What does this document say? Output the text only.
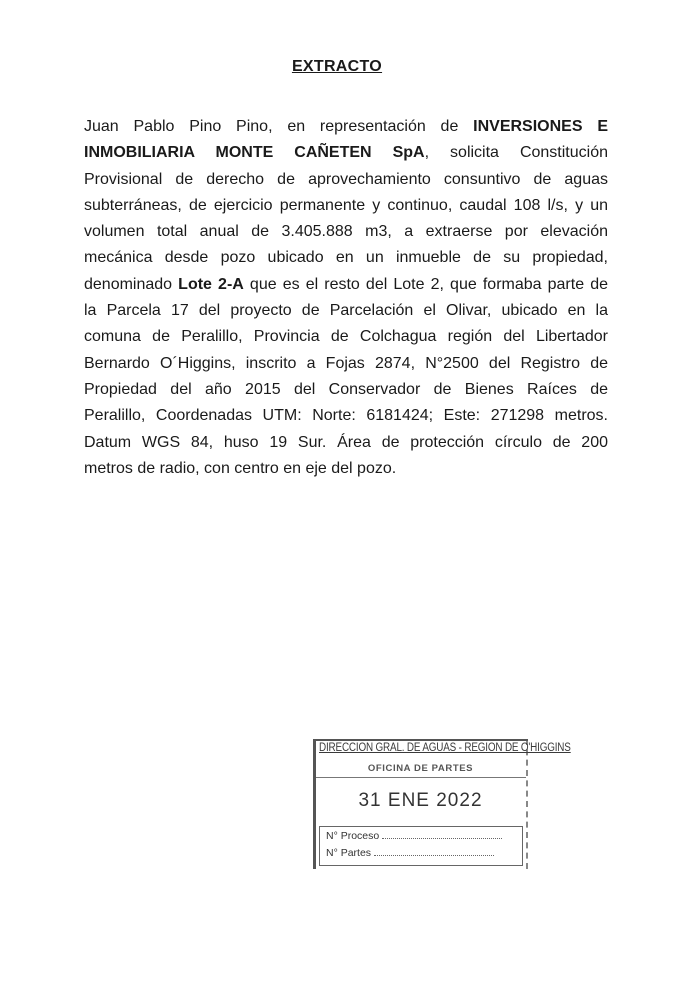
EXTRACTO
Juan Pablo Pino Pino, en representación de INVERSIONES E
INMOBILIARIA MONTE CAÑETEN SpA, solicita Constitución
Provisional de derecho de aprovechamiento consuntivo de aguas
subterráneas, de ejercicio permanente y continuo, caudal 108 l/s, y un
volumen total anual de 3.405.888 m3, a extraerse por elevación
mecánica desde pozo ubicado en un inmueble de su propiedad,
denominado Lote 2-A que es el resto del Lote 2, que formaba parte de
la Parcela 17 del proyecto de Parcelación el Olivar, ubicado en la
comuna de Peralillo, Provincia de Colchagua región del Libertador
Bernardo O´Higgins, inscrito a Fojas 2874, N°2500 del Registro de
Propiedad del año 2015 del Conservador de Bienes Raíces de
Peralillo, Coordenadas UTM: Norte: 6181424; Este: 271298 metros.
Datum WGS 84, huso 19 Sur. Área de protección círculo de 200
metros de radio, con centro en eje del pozo.
DIRECCION GRAL. DE AGUAS - REGION DE O'HIGGINS
OFICINA DE PARTES
31 ENE 2022
N° Proceso
N° Partes
